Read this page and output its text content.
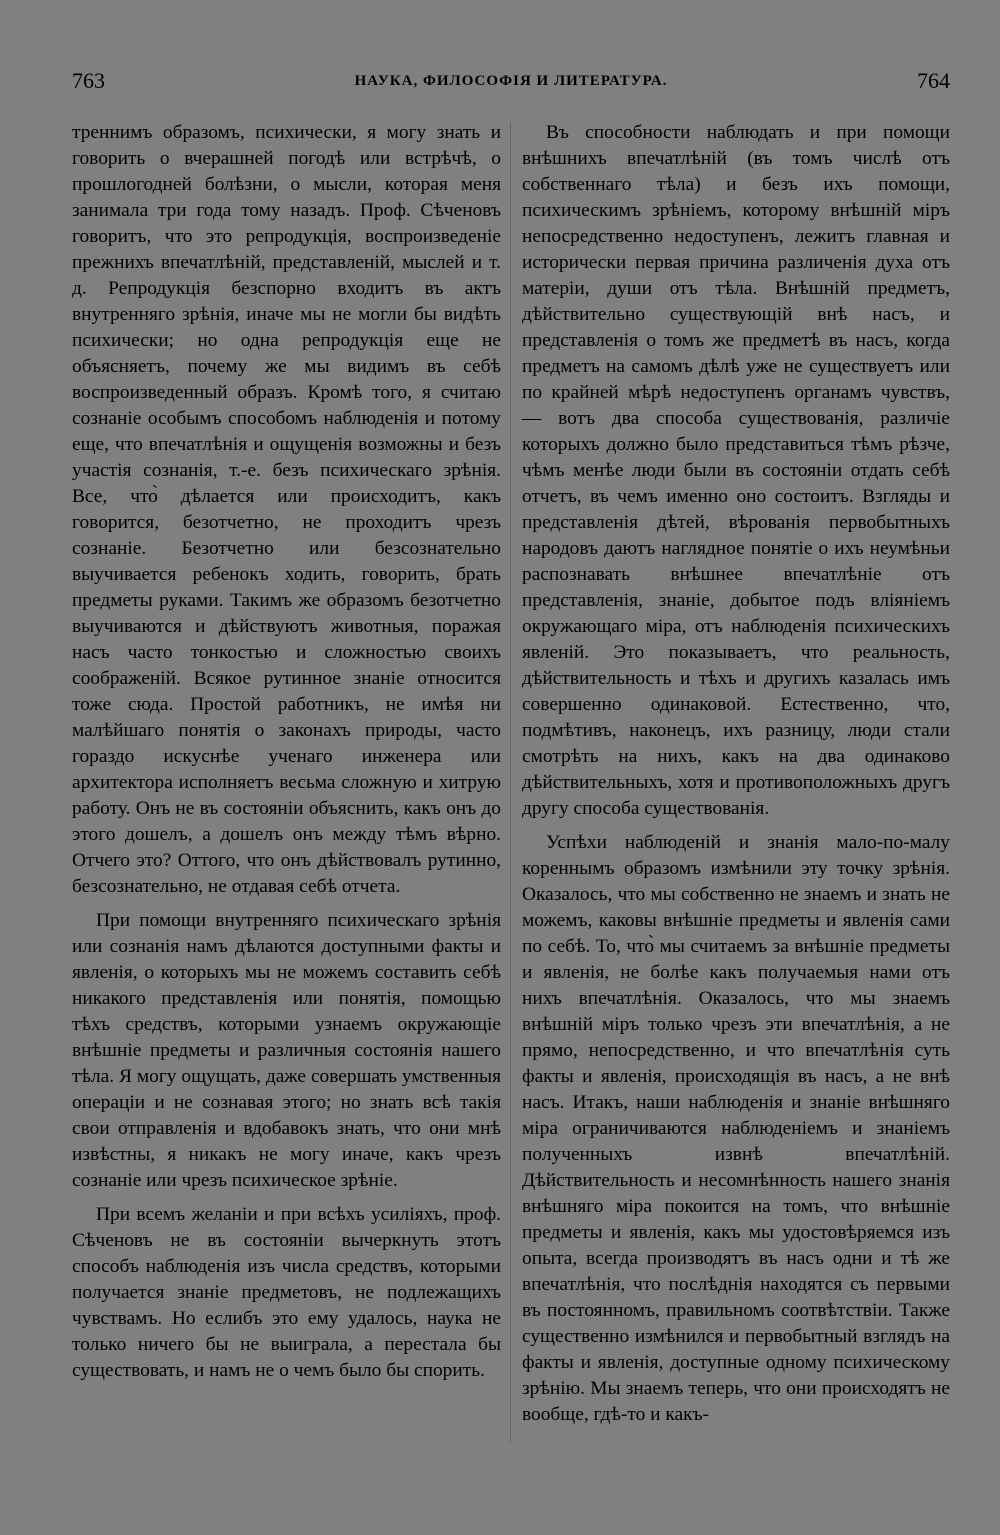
763	НАУКА, ФИЛОСОФІЯ И ЛИТЕРАТУРА.	764

треннимъ образомъ, психически, я могу знать и говорить о вчерашней погодѣ или встрѣчѣ, о прошлогодней болѣзни, о мысли, которая меня занимала три года тому назадъ. Проф. Сѣченовъ говоритъ, что это репродукція, воспроизведеніе прежнихъ впечатлѣній, представленій, мыслей и т. д. Репродукція безспорно входитъ въ актъ внутренняго зрѣнія, иначе мы не могли бы видѣть психически; но одна репродукція еще не объясняетъ, почему же мы видимъ въ себѣ воспроизведенный образъ. Кромѣ того, я считаю сознаніе особымъ способомъ наблюденія и потому еще, что впечатлѣнія и ощущенія возможны и безъ участія сознанія, т.-е. безъ психическаго зрѣнія. Все, что̀ дѣлается или происходитъ, какъ говорится, безотчетно, не проходитъ чрезъ сознаніе. Безотчетно или безсознательно выучивается ребенокъ ходить, говорить, брать предметы руками. Такимъ же образомъ безотчетно выучиваются и дѣйствуютъ животныя, поражая насъ часто тонкостью и сложностью своихъ соображеній. Всякое рутинное знаніе относится тоже сюда. Простой работникъ, не имѣя ни малѣйшаго понятія о законахъ природы, часто гораздо искуснѣе ученаго инженера или архитектора исполняетъ весьма сложную и хитрую работу. Онъ не въ состояніи объяснить, какъ онъ до этого дошелъ, а дошелъ онъ между тѣмъ вѣрно. Отчего это? Оттого, что онъ дѣйствовалъ рутинно, безсознательно, не отдавая себѣ отчета.

При помощи внутренняго психическаго зрѣнія или сознанія намъ дѣлаются доступными факты и явленія, о которыхъ мы не можемъ составить себѣ никакого представленія или понятія, помощью тѣхъ средствъ, которыми узнаемъ окружающіе внѣшніе предметы и различныя состоянія нашего тѣла. Я могу ощущать, даже совершать умственныя операціи и не сознавая этого; но знать всѣ такія свои отправленія и вдобавокъ знать, что они мнѣ извѣстны, я никакъ не могу иначе, какъ чрезъ сознаніе или чрезъ психическое зрѣніе.

При всемъ желаніи и при всѣхъ усиліяхъ, проф. Сѣченовъ не въ состояніи вычеркнуть этотъ способъ наблюденія изъ числа средствъ, которыми получается знаніе предметовъ, не подлежащихъ чувствамъ. Но еслибъ это ему удалось, наука не только ничего бы не выиграла, а перестала бы существовать, и намъ не о чемъ было бы спорить.

Въ способности наблюдать и при помощи внѣшнихъ впечатлѣній (въ томъ числѣ отъ собственнаго тѣла) и безъ ихъ помощи, психическимъ зрѣніемъ, которому внѣшній міръ непосредственно недоступенъ, лежитъ главная и исторически первая причина различенія духа отъ матеріи, души отъ тѣла. Внѣшній предметъ, дѣйствительно существующій внѣ насъ, и представленія о томъ же предметѣ въ насъ, когда предметъ на самомъ дѣлѣ уже не существуетъ или по крайней мѣрѣ недоступенъ органамъ чувствъ, — вотъ два способа существованія, различіе которыхъ должно было представиться тѣмъ рѣзче, чѣмъ менѣе люди были въ состояніи отдать себѣ отчетъ, въ чемъ именно оно состоитъ. Взгляды и представленія дѣтей, вѣрованія первобытныхъ народовъ даютъ наглядное понятіе о ихъ неумѣньи распознавать внѣшнее впечатлѣніе отъ представленія, знаніе, добытое подъ вліяніемъ окружающаго міра, отъ наблюденія психическихъ явленій. Это показываетъ, что реальность, дѣйствительность и тѣхъ и другихъ казалась имъ совершенно одинаковой. Естественно, что, подмѣтивъ, наконецъ, ихъ разницу, люди стали смотрѣть на нихъ, какъ на два одинаково дѣйствительныхъ, хотя и противоположныхъ другъ другу способа существованія.

Успѣхи наблюденій и знанія мало-по-малу кореннымъ образомъ измѣнили эту точку зрѣнія. Оказалось, что мы собственно не знаемъ и знать не можемъ, каковы внѣшніе предметы и явленія сами по себѣ. То, что̀ мы считаемъ за внѣшніе предметы и явленія, не болѣе какъ получаемыя нами отъ нихъ впечатлѣнія. Оказалось, что мы знаемъ внѣшній міръ только чрезъ эти впечатлѣнія, а не прямо, непосредственно, и что впечатлѣнія суть факты и явленія, происходящія въ насъ, а не внѣ насъ. Итакъ, наши наблюденія и знаніе внѣшняго міра ограничиваются наблюденіемъ и знаніемъ полученныхъ извнѣ впечатлѣній. Дѣйствительность и несомнѣнность нашего знанія внѣшняго міра покоится на томъ, что внѣшніе предметы и явленія, какъ мы удостовѣряемся изъ опыта, всегда производятъ въ насъ одни и тѣ же впечатлѣнія, что послѣднія находятся съ первыми въ постоянномъ, правильномъ соотвѣтствіи. Также существенно измѣнился и первобытный взглядъ на факты и явленія, доступные одному психическому зрѣнію. Мы знаемъ теперь, что они происходятъ не вообще, гдѣ-то и какъ-
